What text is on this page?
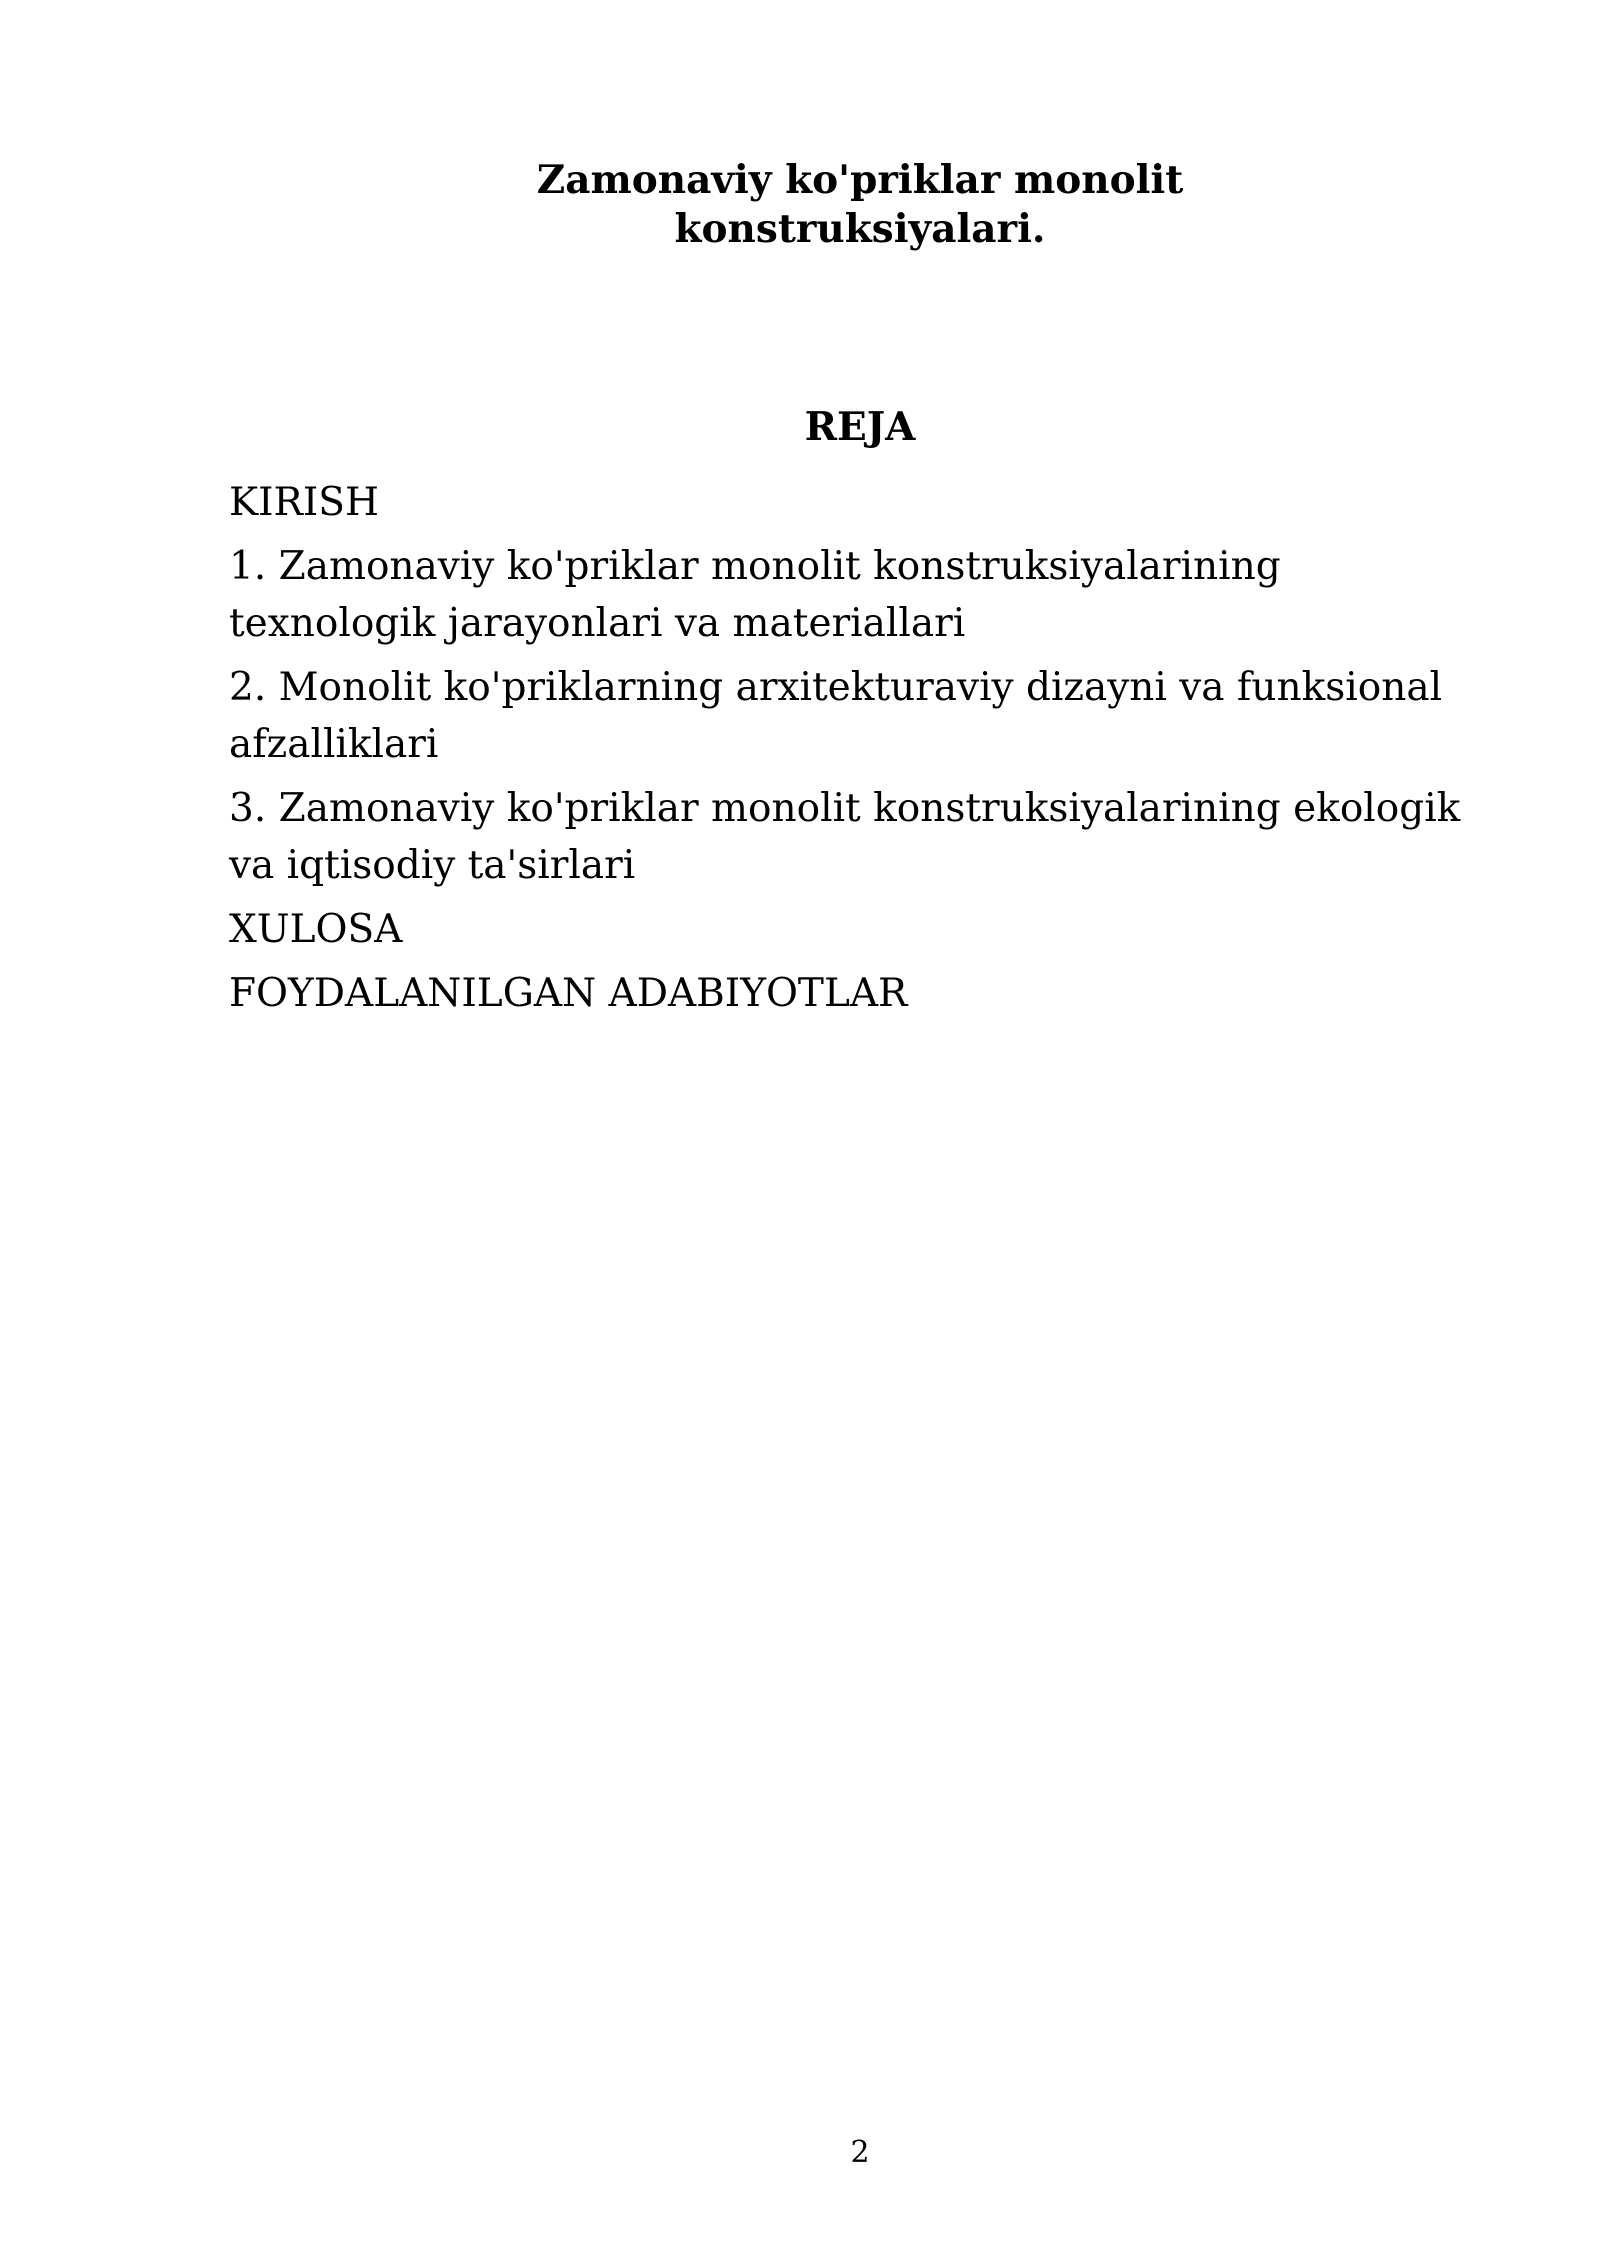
Zamonaviy ko'priklar monolit
konstruksiyalari.
REJA
KIRISH
1. Zamonaviy ko'priklar monolit konstruksiyalarining texnologik jarayonlari va materiallari
2. Monolit ko'priklarning arxitekturaviy dizayni va funksional afzalliklari
3. Zamonaviy ko'priklar monolit konstruksiyalarining ekologik va iqtisodiy ta'sirlari
XULOSA
FOYDALANILGAN ADABIYOTLAR
2
